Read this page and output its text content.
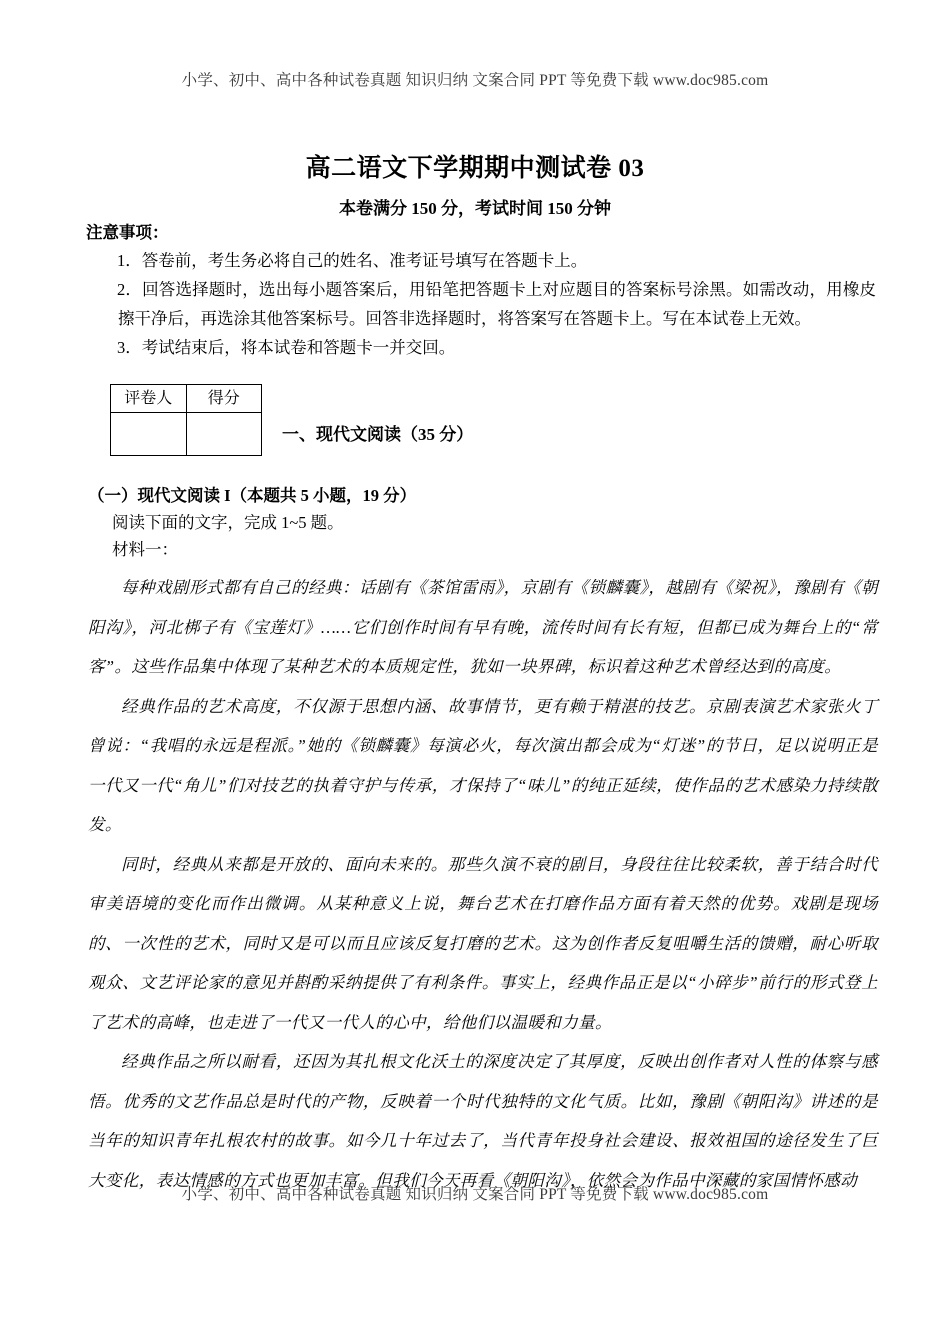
小学、初中、高中各种试卷真题 知识归纳 文案合同 PPT 等免费下载 www.doc985.com
高二语文下学期期中测试卷 03
本卷满分 150 分，考试时间 150 分钟
注意事项：
1．答卷前，考生务必将自己的姓名、准考证号填写在答题卡上。
2．回答选择题时，选出每小题答案后，用铅笔把答题卡上对应题目的答案标号涂黑。如需改动，用橡皮擦干净后，再选涂其他答案标号。回答非选择题时，将答案写在答题卡上。写在本试卷上无效。
3．考试结束后，将本试卷和答题卡一并交回。
评卷人	得分

一、现代文阅读（35 分）
（一）现代文阅读 I（本题共 5 小题，19 分）
阅读下面的文字，完成 1~5 题。
材料一：

每种戏剧形式都有自己的经典：话剧有《茶馆雷雨》，京剧有《锁麟囊》，越剧有《梁祝》，豫剧有《朝阳沟》，河北梆子有《宝莲灯》……它们创作时间有早有晚，流传时间有长有短，但都已成为舞台上的“常客”。这些作品集中体现了某种艺术的本质规定性，犹如一块界碑，标识着这种艺术曾经达到的高度。

经典作品的艺术高度，不仅源于思想内涵、故事情节，更有赖于精湛的技艺。京剧表演艺术家张火丁曾说：“我唱的永远是程派。”她的《锁麟囊》每演必火，每次演出都会成为“灯迷”的节日，足以说明正是一代又一代“角儿”们对技艺的执着守护与传承，才保持了“味儿”的纯正延续，使作品的艺术感染力持续散发。

同时，经典从来都是开放的、面向未来的。那些久演不衰的剧目，身段往往比较柔软，善于结合时代审美语境的变化而作出微调。从某种意义上说，舞台艺术在打磨作品方面有着天然的优势。戏剧是现场的、一次性的艺术，同时又是可以而且应该反复打磨的艺术。这为创作者反复咀嚼生活的馈赠，耐心听取观众、文艺评论家的意见并斟酌采纳提供了有利条件。事实上，经典作品正是以“小碎步”前行的形式登上了艺术的高峰，也走进了一代又一代人的心中，给他们以温暖和力量。

经典作品之所以耐看，还因为其扎根文化沃土的深度决定了其厚度，反映出创作者对人性的体察与感悟。优秀的文艺作品总是时代的产物，反映着一个时代独特的文化气质。比如，豫剧《朝阳沟》讲述的是当年的知识青年扎根农村的故事。如今几十年过去了，当代青年投身社会建设、报效祖国的途径发生了巨大变化，表达情感的方式也更加丰富。但我们今天再看《朝阳沟》，依然会为作品中深藏的家国情怀感动

小学、初中、高中各种试卷真题 知识归纳 文案合同 PPT 等免费下载 www.doc985.com
